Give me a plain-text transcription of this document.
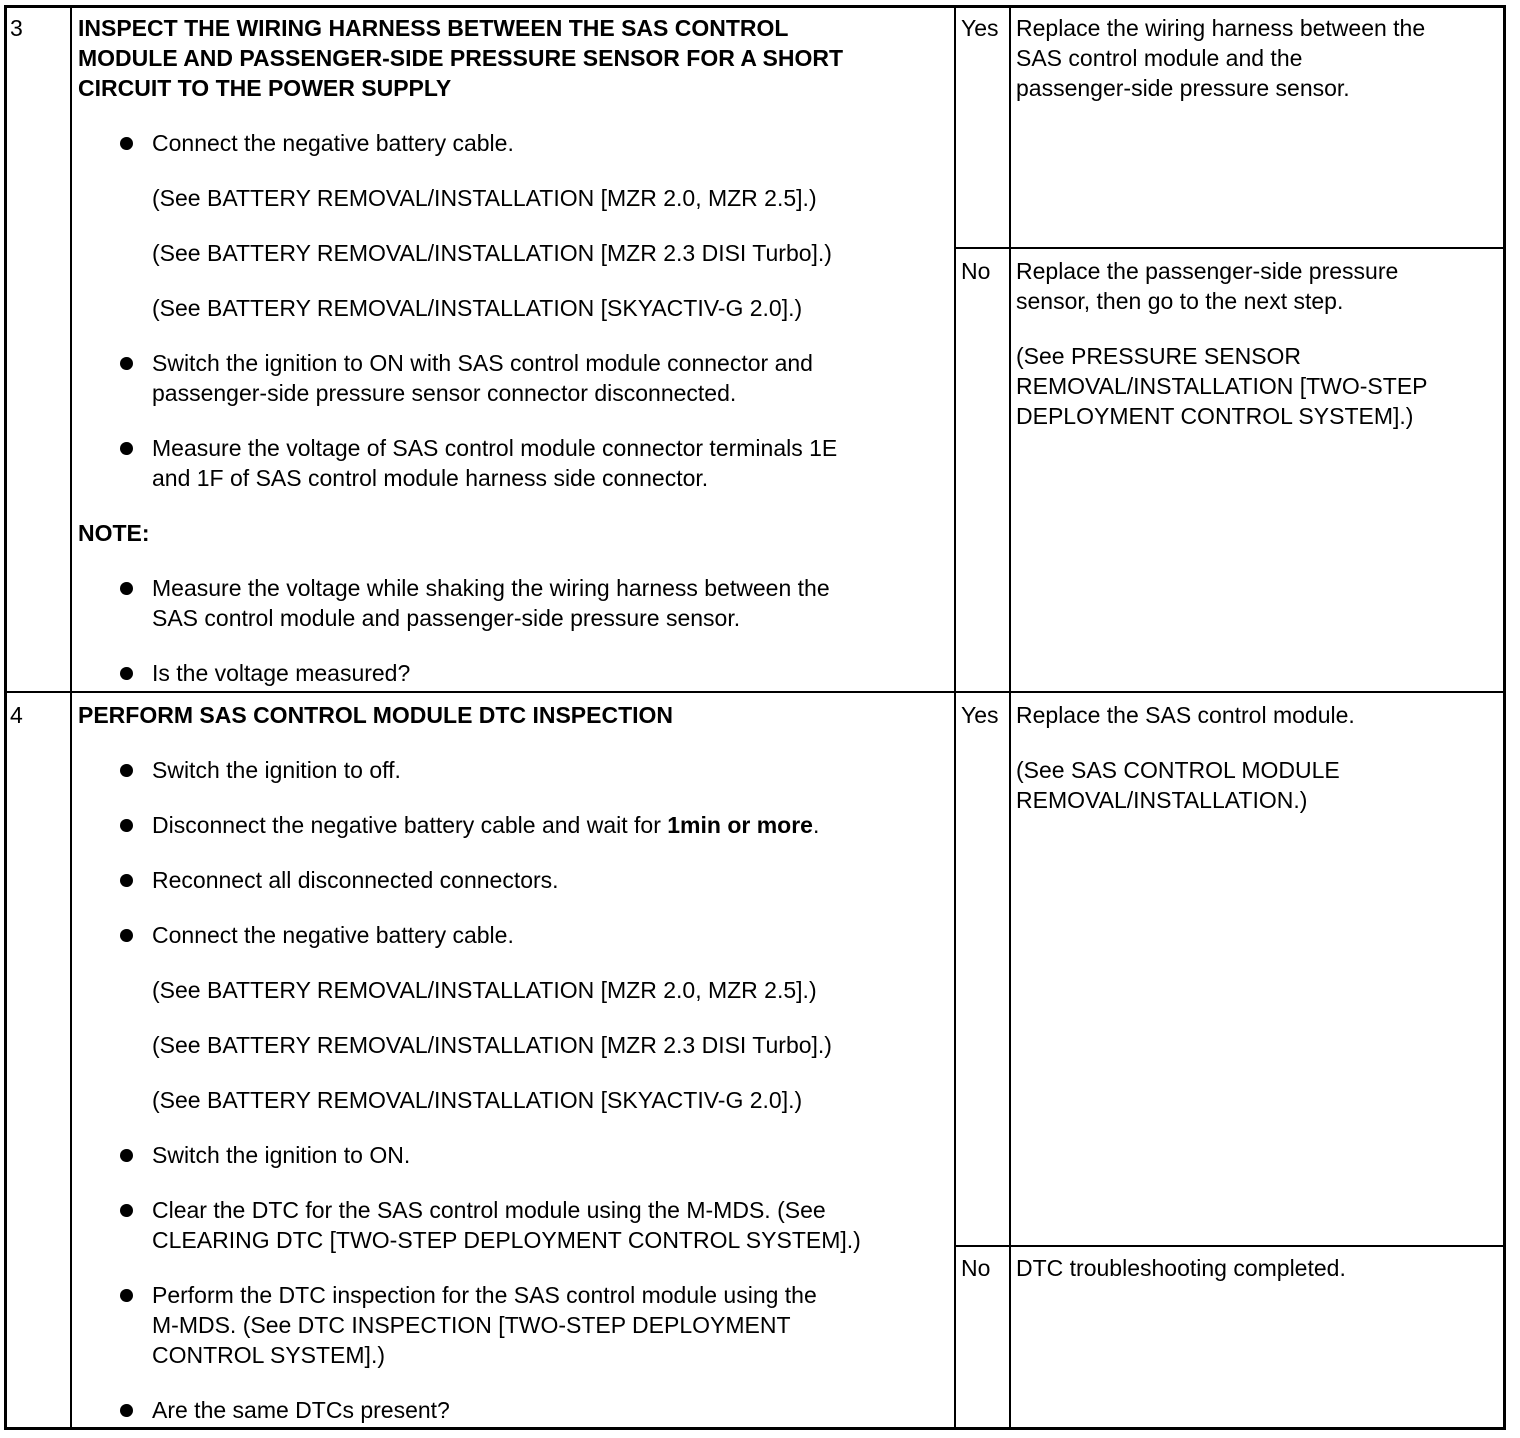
3 INSPECT THE WIRING HARNESS BETWEEN THE SAS CONTROL
MODULE AND PASSENGER-SIDE PRESSURE SENSOR FOR A SHORT
CIRCUIT TO THE POWER SUPPLY
Connect the negative battery cable.
(See BATTERY REMOVAL/INSTALLATION [MZR 2.0, MZR 2.5].)
(See BATTERY REMOVAL/INSTALLATION [MZR 2.3 DISI Turbo].)
(See BATTERY REMOVAL/INSTALLATION [SKYACTIV-G 2.0].)
Switch the ignition to ON with SAS control module connector and
passenger-side pressure sensor connector disconnected.
Measure the voltage of SAS control module connector terminals 1E
and 1F of SAS control module harness side connector.
NOTE:
Measure the voltage while shaking the wiring harness between the
SAS control module and passenger-side pressure sensor.
Is the voltage measured?
Yes Replace the wiring harness between the
SAS control module and the
passenger-side pressure sensor.
No Replace the passenger-side pressure
sensor, then go to the next step.
(See PRESSURE SENSOR
REMOVAL/INSTALLATION [TWO-STEP
DEPLOYMENT CONTROL SYSTEM].)
4 PERFORM SAS CONTROL MODULE DTC INSPECTION
Switch the ignition to off.
Disconnect the negative battery cable and wait for 1min or more.
Reconnect all disconnected connectors.
Connect the negative battery cable.
(See BATTERY REMOVAL/INSTALLATION [MZR 2.0, MZR 2.5].)
(See BATTERY REMOVAL/INSTALLATION [MZR 2.3 DISI Turbo].)
(See BATTERY REMOVAL/INSTALLATION [SKYACTIV-G 2.0].)
Switch the ignition to ON.
Clear the DTC for the SAS control module using the M-MDS. (See
CLEARING DTC [TWO-STEP DEPLOYMENT CONTROL SYSTEM].)
Perform the DTC inspection for the SAS control module using the
M-MDS. (See DTC INSPECTION [TWO-STEP DEPLOYMENT
CONTROL SYSTEM].)
Are the same DTCs present?
Yes Replace the SAS control module.
(See SAS CONTROL MODULE
REMOVAL/INSTALLATION.)
No DTC troubleshooting completed.
